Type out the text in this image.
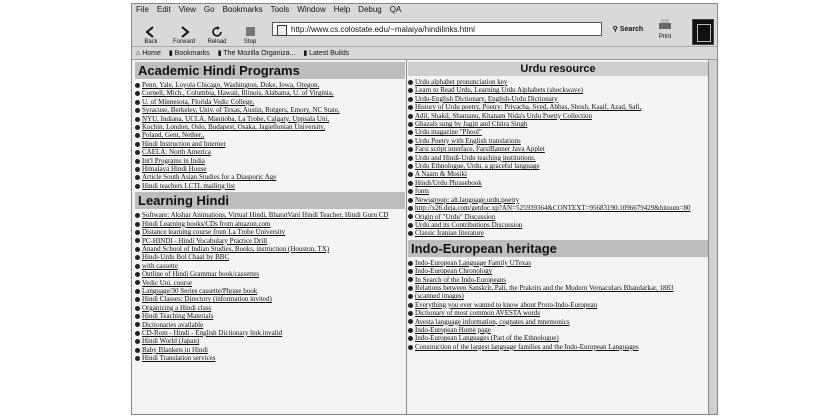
File Edit View Go Bookmarks Tools Window Help Debug QA
Back	Forward Reload	Stop
http://www.cs.colostate.edu/~malaiya/hindilinks.html	⚲ Search
Print
⌂ Home ▮ Bookmarks ▮ The Mozilla Organiza... ▮ Latest Builds
Academic Hindi Programs
Penn, Yale, Loyola Chicago, Washington, Duke, Iowa, Oregon,
Cornell, Mich., Columbia, Hawaii, Illinois, Alabama, U. of Virginia,
U. of Minnesota, Florida Vedic College,
Syracuse, Berkeley, Univ. of Texas, Austin, Rutgers, Emory, NC State,
NYU, Indiana, UCLA, Manitoba, La Trobe, Calgary, Uppsala Uni,
Kochin, London, Oslo, Budapest, Osaka, Jagiellonian University,
Poland, Gent, Nether.,
Hindi Instruction and Internet
CAELA: North America
Int'l Programs in India
Himalaya Hindi House
Article South Asian Studies for a Diasporic Age
Hindi teachers LCTL mailing list
Learning Hindi
Software: Akshar Animations, Virtual Hindi, BharatVani Hindi Teacher, Hindi Guru CD
Hindi Learning books/CDs from amazon.com
Distance learning course from La Trobe University
PC-HINDI - Hindi Vocabulary Practice Drill
Anand School of Indian Studies, Books, instruction (Houston, TX)
Hindi-Urdu Bol Chaal by BBC
with cassette
Outline of Hindi Grammar book/cassettes
Vedic Uni. course
Language/30 Series cassette/Phrase book
Hindi Classes: Directory (information invited)
Organizing a Hindi class
Hindi Teaching Materials
Dictionaries available
CD-Rom - Hindi - English Dictionary link invalid
Hindi World (Japan)
Baby Blankets in Hindi
Hindi Translation services
Urdu resource
Urdu alphabet pronunciation key
Learn to Read Urdu, Learning Urdu Alphabets (shockwave)
Urdu-English Dictionary, English-Urdu Dictionary
History of Urdu poetry, Poetry: Priyacha, Syed, Abbas, Shosh, Kaaif, Azad, Safi,
Adil, Shakil, Shantanu, Khanam Nida's Urdu Poetry Collection
Ghazals sung by Jagjit and Chitra Singh
Urdu magazine "Phool"
Urdu Poetry with English translations
Farsi script interface, FarsiBanner Java Applet
Urdu and Hindi-Urdu teaching institutions.
Urdu Ethnologue, Urdu, a graceful language
A Naam & Mosiki
Hindi/Urdu Phrasebook
fonts
Newsgroup: alt.language.urdu.poetry
http://x26.deja.com/getdoc.xp?AN=525939364&CONTEXT=95683190.1096679429&hitnum=80
Origin of "Urdu" Discussion
Urdu and its Contributions Discussion
Classic Iranian literature
Indo-European heritage
Indo-European Language Family UTexas
Indo-European Chronology
In Search of the Indo-Europeans
Relations between Sanskrit, Pali, the Prakrits and the Modern Vernaculars Bhandarkar, 1883
(scanned images)
Everything you ever wanted to know about Proto-Indo-European
Dictionary of most common AVESTA words
Avesta language information, cognates and mnemonics
Indo-European Home page
Indo-European Languages (Part of the Ethnologue)
Construction of the largest language families and the Indo-European Languages
